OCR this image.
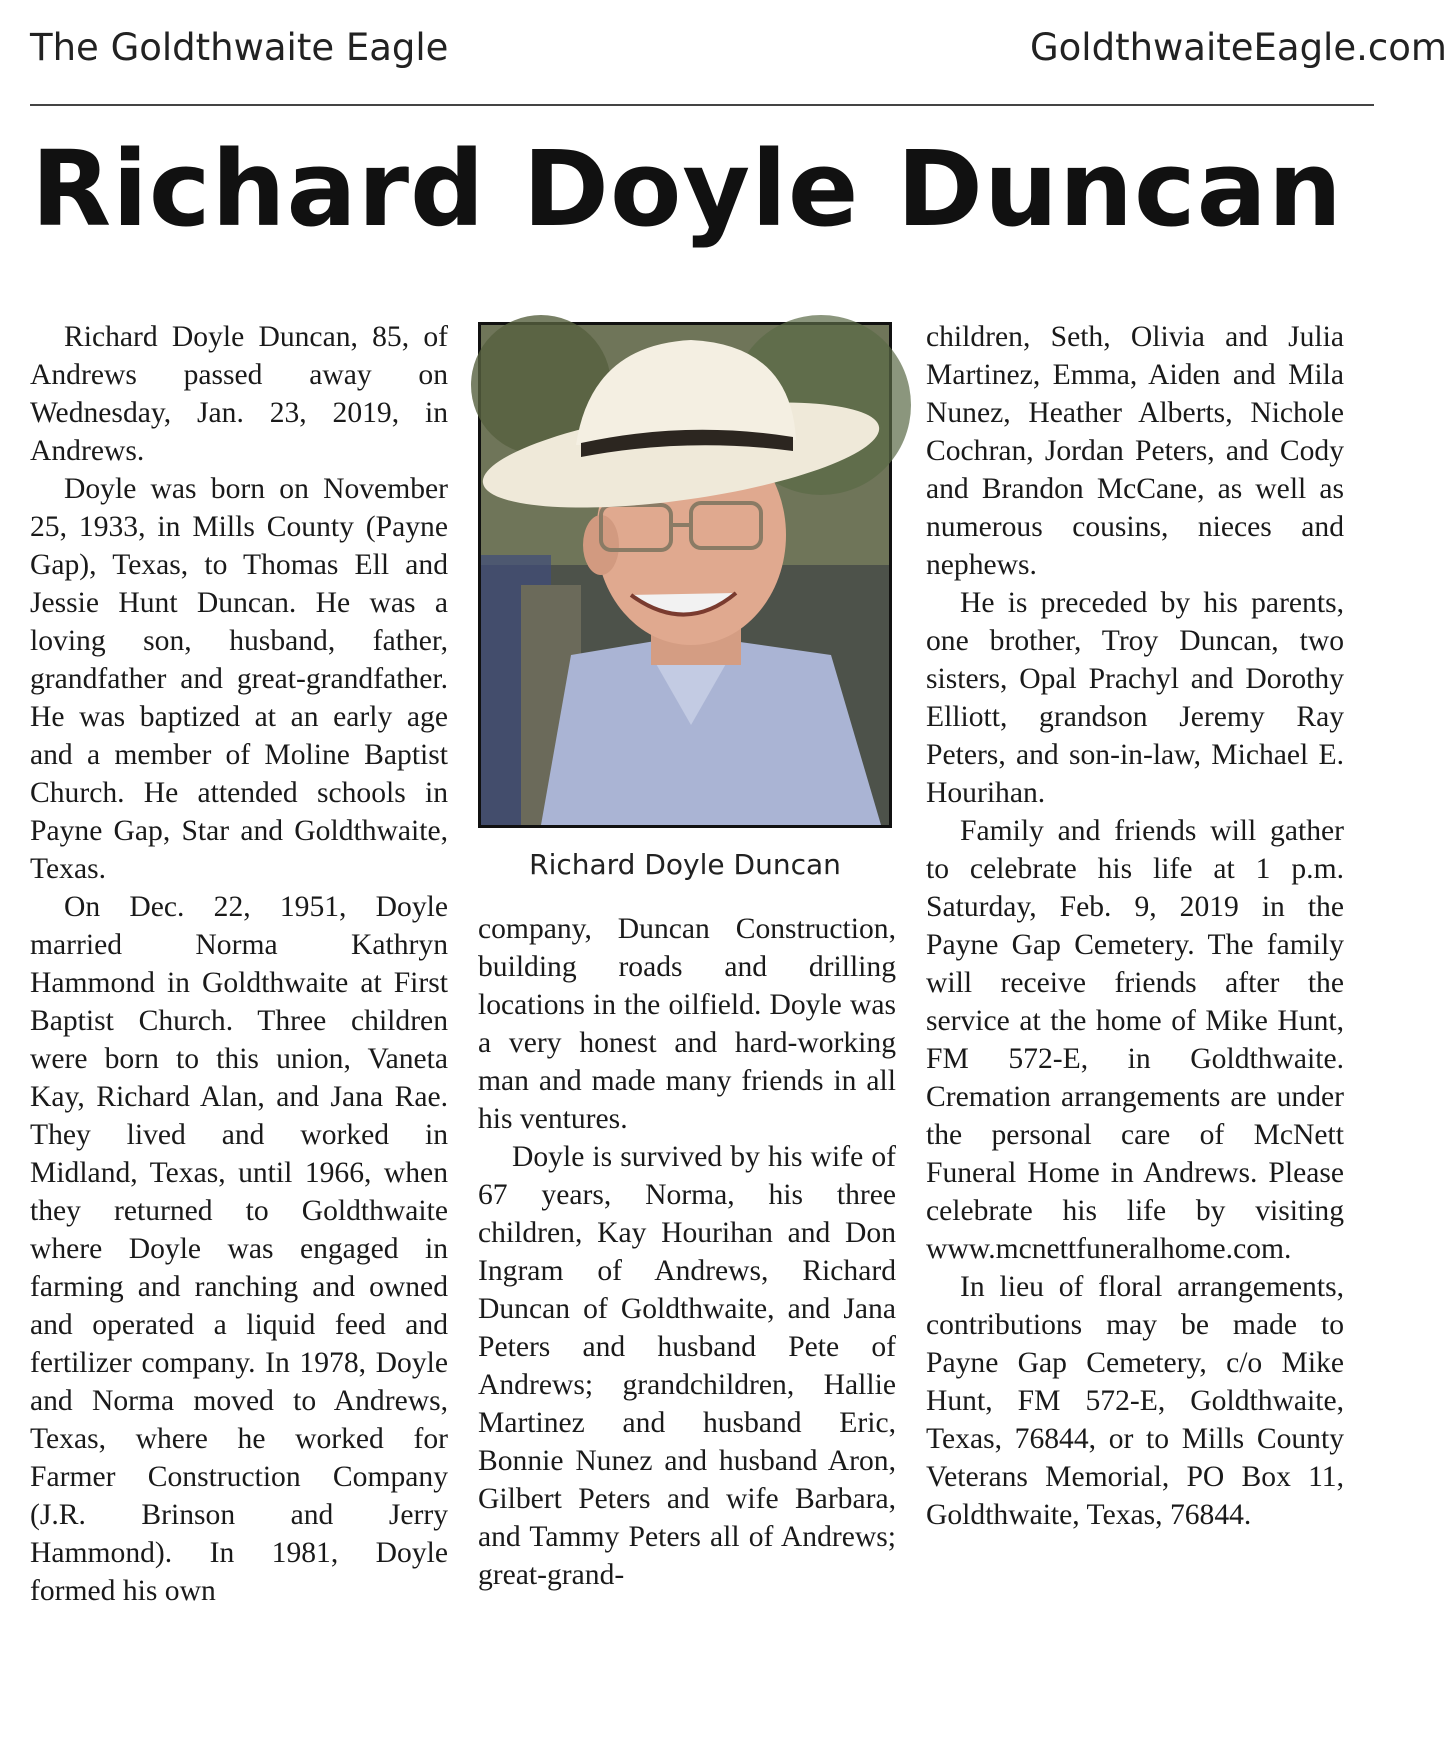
The Goldthwaite Eagle	GoldthwaiteEagle.com
Richard Doyle Duncan

Richard Doyle Duncan, 85, of Andrews passed away on Wednesday, Jan. 23, 2019, in Andrews.

Doyle was born on November 25, 1933, in Mills County (Payne Gap), Texas, to Thomas Ell and Jessie Hunt Duncan. He was a loving son, husband, father, grandfather and great-grandfather. He was baptized at an early age and a member of Moline Baptist Church. He attended schools in Payne Gap, Star and Goldthwaite, Texas.

On Dec. 22, 1951, Doyle married Norma Kathryn Hammond in Goldthwaite at First Baptist Church. Three children were born to this union, Vaneta Kay, Richard Alan, and Jana Rae. They lived and worked in Midland, Texas, until 1966, when they returned to Goldthwaite where Doyle was engaged in farming and ranching and owned and operated a liquid feed and fertilizer company. In 1978, Doyle and Norma moved to Andrews, Texas, where he worked for Farmer Construction Company (J.R. Brinson and Jerry Hammond). In 1981, Doyle formed his own

Richard Doyle Duncan

company, Duncan Construction, building roads and drilling locations in the oilfield. Doyle was a very honest and hard-working man and made many friends in all his ventures.

Doyle is survived by his wife of 67 years, Norma, his three children, Kay Hourihan and Don Ingram of Andrews, Richard Duncan of Goldthwaite, and Jana Peters and husband Pete of Andrews; grandchildren, Hallie Martinez and husband Eric, Bonnie Nunez and husband Aron, Gilbert Peters and wife Barbara, and Tammy Peters all of Andrews; great-grand-

children, Seth, Olivia and Julia Martinez, Emma, Aiden and Mila Nunez, Heather Alberts, Nichole Cochran, Jordan Peters, and Cody and Brandon McCane, as well as numerous cousins, nieces and nephews.

He is preceded by his parents, one brother, Troy Duncan, two sisters, Opal Prachyl and Dorothy Elliott, grandson Jeremy Ray Peters, and son-in-law, Michael E. Hourihan.

Family and friends will gather to celebrate his life at 1 p.m. Saturday, Feb. 9, 2019 in the Payne Gap Cemetery. The family will receive friends after the service at the home of Mike Hunt, FM 572-E, in Goldthwaite. Cremation arrangements are under the personal care of McNett Funeral Home in Andrews. Please celebrate his life by visiting www.mcnettfuneralhome.com.

In lieu of floral arrangements, contributions may be made to Payne Gap Cemetery, c/o Mike Hunt, FM 572-E, Goldthwaite, Texas, 76844, or to Mills County Veterans Memorial, PO Box 11, Goldthwaite, Texas, 76844.
